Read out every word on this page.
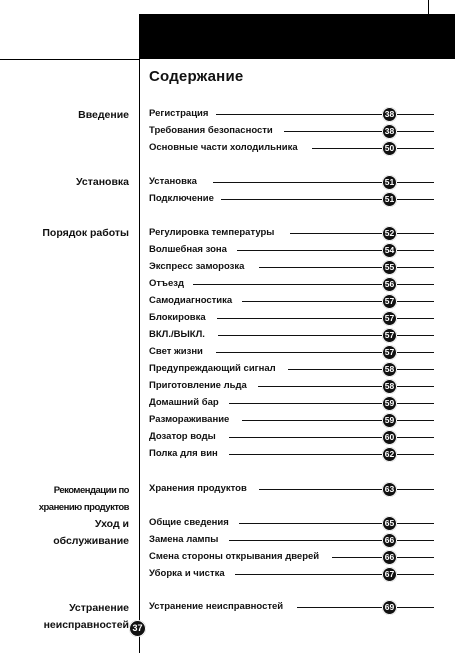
Содержание
Введение
Установка
Порядок работы
Рекомендации по
хранению продуктов
Уход и
обслуживание
Устранение
неисправностей
Регистрация	38
Требования безопасности	38
Основные части холодильника	50
Установка	51
Подключение	51
Регулировка температуры	52
Волшебная зона	54
Экспресс заморозка	55
Отъезд	56
Самодиагностика	57
Блокировка	57
ВКЛ./ВЫКЛ.	57
Свет жизни	57
Предупреждающий сигнал	58
Приготовление льда	58
Домашний бар	59
Размораживание	59
Дозатор воды	60
Полка для вин	62
Хранения продуктов	63
Общие сведения	65
Замена лампы	66
Смена стороны открывания дверей	66
Уборка и чистка	67
Устранение неисправностей	69
37
